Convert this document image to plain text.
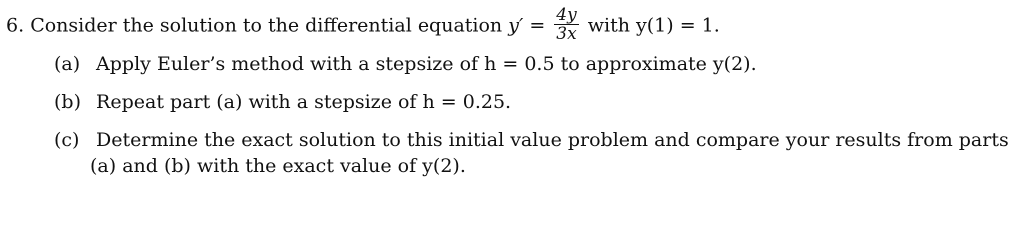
6. Consider the solution to the differential equation $y' = \frac{4y}{3x}$ with y(1) = 1.
(a) Apply Euler’s method with a stepsize of h = 0.5 to approximate y(2).
(b) Repeat part (a) with a stepsize of h = 0.25.
(c) Determine the exact solution to this initial value problem and compare your results from parts
(a) and (b) with the exact value of y(2).
